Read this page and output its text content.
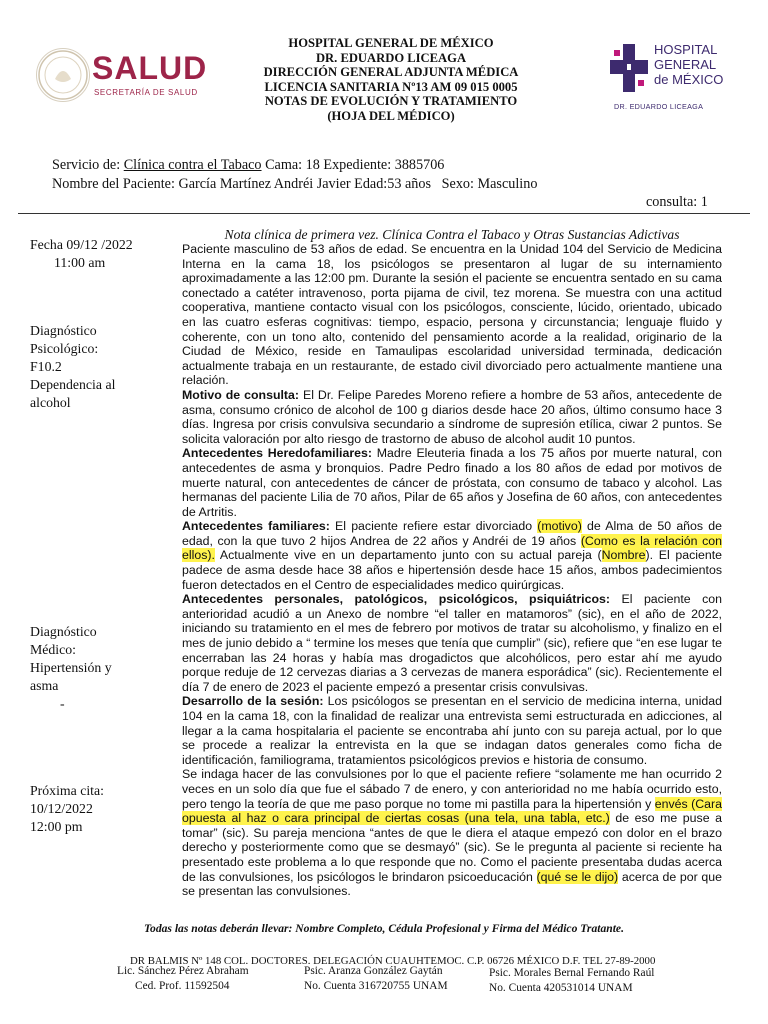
SALUD
SECRETARÍA DE SALUD
HOSPITAL GENERAL DE MÉXICO
DR. EDUARDO LICEAGA
DIRECCIÓN GENERAL ADJUNTA MÉDICA
LICENCIA SANITARIA Nº13 AM 09 015 0005
NOTAS DE EVOLUCIÓN Y TRATAMIENTO
(HOJA DEL MÉDICO)
HOSPITAL
GENERAL
de MÉXICO
DR. EDUARDO LICEAGA
Servicio de: Clínica contra el Tabaco Cama: 18 Expediente: 3885706
Nombre del Paciente: García Martínez Andréi Javier Edad:53 años Sexo: Masculino
consulta: 1
Fecha 09/12 /2022
11:00 am
Diagnóstico
Psicológico:
F10.2
Dependencia al
alcohol
Diagnóstico
Médico:
Hipertensión y
asma
-
Próxima cita:
10/12/2022
12:00 pm

Nota clínica de primera vez. Clínica Contra el Tabaco y Otras Sustancias Adictivas

Paciente masculino de 53 años de edad. Se encuentra en la Unidad 104 del Servicio de Medicina Interna en la cama 18, los psicólogos se presentaron al lugar de su internamiento aproximadamente a las 12:00 pm. Durante la sesión el paciente se encuentra sentado en su cama conectado a catéter intravenoso, porta pijama de civil, tez morena. Se muestra con una actitud cooperativa, mantiene contacto visual con los psicólogos, consciente, lúcido, orientado, ubicado en las cuatro esferas cognitivas: tiempo, espacio, persona y circunstancia; lenguaje fluido y coherente, con un tono alto, contenido del pensamiento acorde a la realidad, originario de la Ciudad de México, reside en Tamaulipas escolaridad universidad terminada, dedicación actualmente trabaja en un restaurante, de estado civil divorciado pero actualmente mantiene una relación.

Motivo de consulta: El Dr. Felipe Paredes Moreno refiere a hombre de 53 años, antecedente de asma, consumo crónico de alcohol de 100 g diarios desde hace 20 años, último consumo hace 3 días. Ingresa por crisis convulsiva secundario a síndrome de supresión etílica, ciwar 2 puntos. Se solicita valoración por alto riesgo de trastorno de abuso de alcohol audit 10 puntos.

Antecedentes Heredofamiliares: Madre Eleuteria finada a los 75 años por muerte natural, con antecedentes de asma y bronquios. Padre Pedro finado a los 80 años de edad por motivos de muerte natural, con antecedentes de cáncer de próstata, con consumo de tabaco y alcohol. Las hermanas del paciente Lilia de 70 años, Pilar de 65 años y Josefina de 60 años, con antecedentes de Artritis.

Antecedentes familiares: El paciente refiere estar divorciado (motivo) de Alma de 50 años de edad, con la que tuvo 2 hijos Andrea de 22 años y Andréi de 19 años (Como es la relación con ellos). Actualmente vive en un departamento junto con su actual pareja (Nombre). El paciente padece de asma desde hace 38 años e hipertensión desde hace 15 años, ambos padecimientos fueron detectados en el Centro de especialidades medico quirúrgicas.

Antecedentes personales, patológicos, psicológicos, psiquiátricos: El paciente con anterioridad acudió a un Anexo de nombre “el taller en matamoros” (sic), en el año de 2022, iniciando su tratamiento en el mes de febrero por motivos de tratar su alcoholismo, y finalizo en el mes de junio debido a “ termine los meses que tenía que cumplir” (sic), refiere que “en ese lugar te encerraban las 24 horas y había mas drogadictos que alcohólicos, pero estar ahí me ayudo porque reduje de 12 cervezas diarias a 3 cervezas de manera esporádica” (sic). Recientemente el día 7 de enero de 2023 el paciente empezó a presentar crisis convulsivas.

Desarrollo de la sesión: Los psicólogos se presentan en el servicio de medicina interna, unidad 104 en la cama 18, con la finalidad de realizar una entrevista semi estructurada en adicciones, al llegar a la cama hospitalaria el paciente se encontraba ahí junto con su pareja actual, por lo que se procede a realizar la entrevista en la que se indagan datos generales como ficha de identificación, familiograma, tratamientos psicológicos previos e historia de consumo.

Se indaga hacer de las convulsiones por lo que el paciente refiere “solamente me han ocurrido 2 veces en un solo día que fue el sábado 7 de enero, y con anterioridad no me había ocurrido esto, pero tengo la teoría de que me paso porque no tome mi pastilla para la hipertensión y envés (Cara opuesta al haz o cara principal de ciertas cosas (una tela, una tabla, etc.) de eso me puse a tomar” (sic). Su pareja menciona “antes de que le diera el ataque empezó con dolor en el brazo derecho y posteriormente como que se desmayó” (sic). Se le pregunta al paciente si reciente ha presentado este problema a lo que responde que no. Como el paciente presentaba dudas acerca de las convulsiones, los psicólogos le brindaron psicoeducación (qué se le dijo) acerca de por que se presentan las convulsiones.

Todas las notas deberán llevar: Nombre Completo, Cédula Profesional y Firma del Médico Tratante.
DR BALMIS Nº 148 COL. DOCTORES. DELEGACIÓN CUAUHTEMOC. C.P. 06726 MÉXICO D.F. TEL 27-89-2000
Lic. Sánchez Pérez Abraham
Ced. Prof. 11592504
Psic. Aranza González Gaytán
No. Cuenta 316720755 UNAM
Psic. Morales Bernal Fernando Raúl
No. Cuenta 420531014 UNAM
